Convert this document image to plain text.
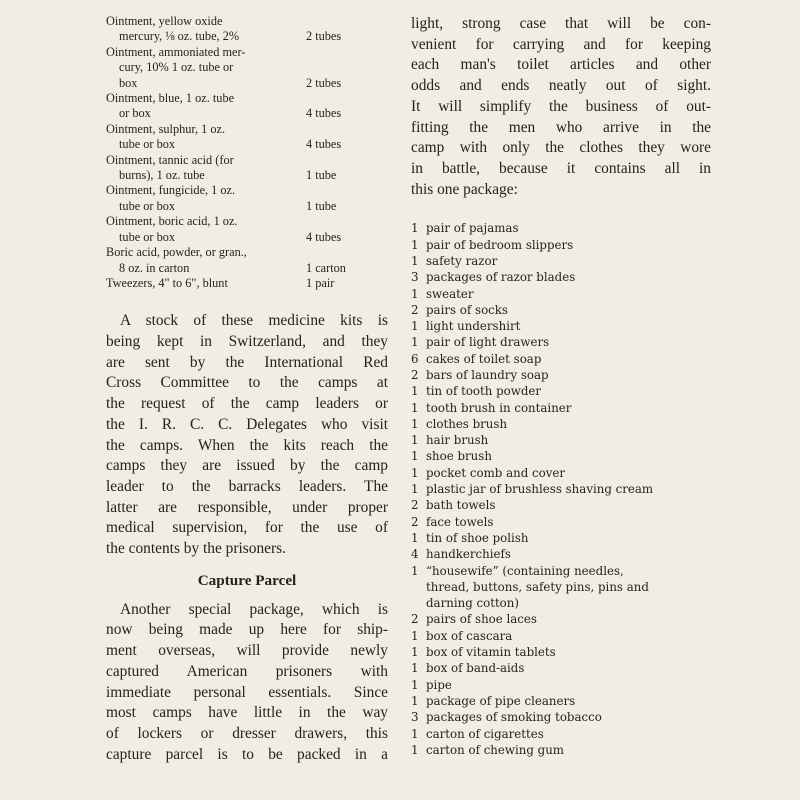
Ointment, yellow oxide
mercury, ⅛ oz. tube, 2%	2 tubes

Ointment, ammoniated mer-
cury, 10% 1 oz. tube or
box	2 tubes

Ointment, blue, 1 oz. tube
or box	4 tubes

Ointment, sulphur, 1 oz.
tube or box	4 tubes

Ointment, tannic acid (for
burns), 1 oz. tube	1 tube

Ointment, fungicide, 1 oz.
tube or box	1 tube

Ointment, boric acid, 1 oz.
tube or box	4 tubes

Boric acid, powder, or gran.,
8 oz. in carton	1 carton

Tweezers, 4" to 6", blunt	1 pair
A stock of these medicine kits is
being kept in Switzerland, and they
are sent by the International Red
Cross Committee to the camps at
the request of the camp leaders or
the I. R. C. C. Delegates who visit
the camps. When the kits reach the
camps they are issued by the camp
leader to the barracks leaders. The
latter are responsible, under proper
medical supervision, for the use of
the contents by the prisoners.
Capture Parcel
Another special package, which is
now being made up here for ship-
ment overseas, will provide newly
captured American prisoners with
immediate personal essentials. Since
most camps have little in the way
of lockers or dresser drawers, this
capture parcel is to be packed in a
light, strong case that will be con-
venient for carrying and for keeping
each man's toilet articles and other
odds and ends neatly out of sight.
It will simplify the business of out-
fitting the men who arrive in the
camp with only the clothes they wore
in battle, because it contains all in
this one package:
1 pair of pajamas
1 pair of bedroom slippers
1 safety razor
3 packages of razor blades
1 sweater
2 pairs of socks
1 light undershirt
1 pair of light drawers
6 cakes of toilet soap
2 bars of laundry soap
1 tin of tooth powder
1 tooth brush in container
1 clothes brush
1 hair brush
1 shoe brush
1 pocket comb and cover
1 plastic jar of brushless shaving cream
2 bath towels
2 face towels
1 tin of shoe polish
4 handkerchiefs
1 “housewife” (containing needles,
thread, buttons, safety pins, pins and
darning cotton)
2 pairs of shoe laces
1 box of cascara
1 box of vitamin tablets
1 box of band-aids
1 pipe
1 package of pipe cleaners
3 packages of smoking tobacco
1 carton of cigarettes
1 carton of chewing gum
